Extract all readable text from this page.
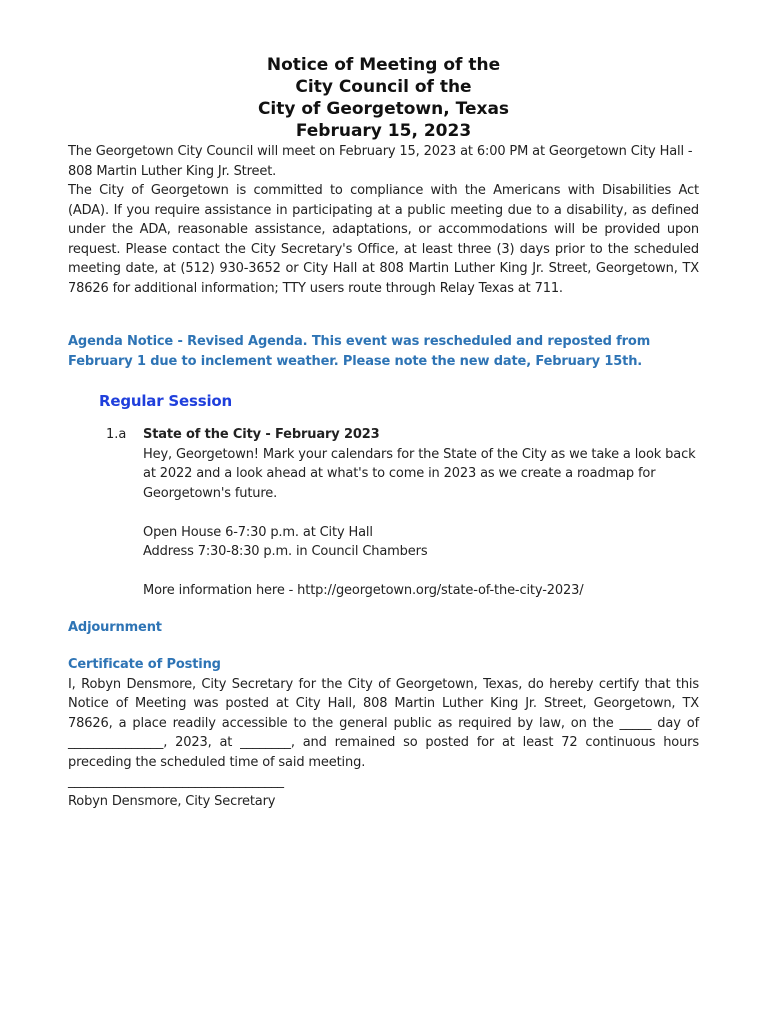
Notice of Meeting of the
City Council of the
City of Georgetown, Texas
February 15, 2023

The Georgetown City Council will meet on February 15, 2023 at 6:00 PM at Georgetown City Hall - 808 Martin Luther King Jr. Street.

The City of Georgetown is committed to compliance with the Americans with Disabilities Act (ADA). If you require assistance in participating at a public meeting due to a disability, as defined under the ADA, reasonable assistance, adaptations, or accommodations will be provided upon request. Please contact the City Secretary's Office, at least three (3) days prior to the scheduled meeting date, at (512) 930-3652 or City Hall at 808 Martin Luther King Jr. Street, Georgetown, TX 78626 for additional information; TTY users route through Relay Texas at 711.

Agenda Notice - Revised Agenda. This event was rescheduled and reposted from February 1 due to inclement weather. Please note the new date, February 15th.
Regular Session
1.a State of the City - February 2023

Hey, Georgetown! Mark your calendars for the State of the City as we take a look back at 2022 and a look ahead at what's to come in 2023 as we create a roadmap for Georgetown's future.

Open House 6-7:30 p.m. at City Hall

Address 7:30-8:30 p.m. in Council Chambers

More information here - http://georgetown.org/state-of-the-city-2023/

Adjournment
Certificate of Posting

I, Robyn Densmore, City Secretary for the City of Georgetown, Texas, do hereby certify that this Notice of Meeting was posted at City Hall, 808 Martin Luther King Jr. Street, Georgetown, TX 78626, a place readily accessible to the general public as required by law, on the _____ day of _______________, 2023, at ________, and remained so posted for at least 72 continuous hours preceding the scheduled time of said meeting.

__________________________________
Robyn Densmore, City Secretary
